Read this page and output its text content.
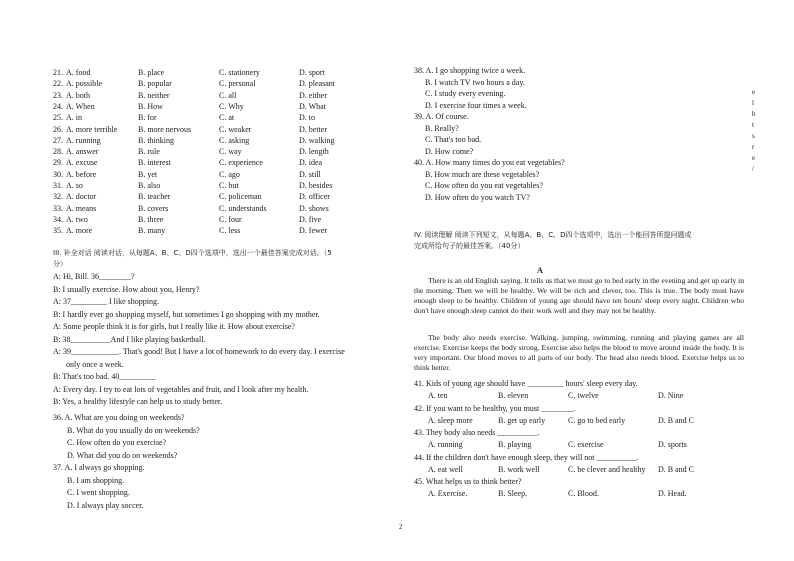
21. A. food	B. place	C. stationery	D. sport
22. A. possible	B. popular	C. personal	D. pleasant
23. A. both	B. neither	C. all	D. either
24. A. When	B. How	C. Why	D. What
25. A. in	B. for	C. at	D. to
26. A. more terrible	B. more nervous	C. weaker	D. better
27. A. running	B. thinking	C. asking	D. walking
28. A. answer	B. rule	C. way	D. length
29. A. excuse	B. interest	C. experience	D. idea
30. A. before	B. yet	C. ago	D. still
31. A. so	B. also	C. but	D. besides
32. A. doctor	B. teacher	C. policeman	D. officer
33. A. means	B. covers	C. understands	D. shows
34. A. two	B. three	C. four	D. five
35. A. more	B. many	C. less	D. fewer
III. 补全对话 阅读对话，从每题A、B、C、D四个选项中，选出一个最佳答案完成对话。（5
分）
A: Hi, Bill. 36________?
B: I usually exercise. How about you, Henry?
A: 37_________ I like shopping.
B: I hardly ever go shopping myself, but sometimes I go shopping with my mother.
A: Some people think it is for girls, but I really like it. How about exercise?
B: 38__________And I like playing basketball.
A: 39____________. That's good! But I have a lot of homework to do every day. I exercise
only once a week.
B: That's too bad. 40_________
A: Every day. I try to eat lots of vegetables and fruit, and I look after my health.
B: Yes, a healthy lifestyle can help us to study better.
36. A. What are you doing on weekends?
B. What do you usually do on weekends?
C. How often do you exercise?
D. What did you do on weekends?
37. A. I always go shopping.
B. I am shopping.
C. I went shopping.
D. I always play soccer.
38. A. I go shopping twice a week.
B. I watch TV two hours a day.
C. I study every evening.
D. I exercise four times a week.
39. A. Of course.
B. Really?
C. That's too bad.
D. How come?
40. A. How many times do you eat vegetables?
B. How much are these vegetables?
C. How often do you eat vegetables?
D. How often do you watch TV?
IV. 阅读理解 阅读下列短文，从每题A、B、C、D四个选项中，选出一个能回答所提问题或
完成所给句子的最佳答案。（40分）
A
There is an old English saying. It tells us that we must go to bed early in the evening and get up early in the morning. Then we will be healthy. We will be rich and clever, too. This is true. The body must have enough sleep to be healthy. Children of young age should have ten hours' sleep every night. Children who don't have enough sleep cannot do their work well and they may not be healthy.
The body also needs exercise. Walking, jumping, swimming, running and playing games are all exercise. Exercise keeps the body strong. Exercise also helps the blood to move around inside the body. It is very important. Our blood moves to all parts of our body. The head also needs blood. Exercise helps us to think better.
41. Kids of young age should have _________ hours' sleep every day.
A. ten	B. eleven	C. twelve	D. Nine
42. If you want to be healthy, you must ________.
A. sleep more	B. get up early	C. go to bed early	D. B and C
43. They body also needs __________.
A. running	B. playing	C. exercise	D. sports
44. If the children don't have enough sleep, they will not __________.
A. eat well	B. work well	C. be clever and healthy D. B and C
45. What helps us to think better?
A. Exercise.	B. Sleep.	C. Blood.	D. Head.
2
e
l
b
t
s
r
e
/
